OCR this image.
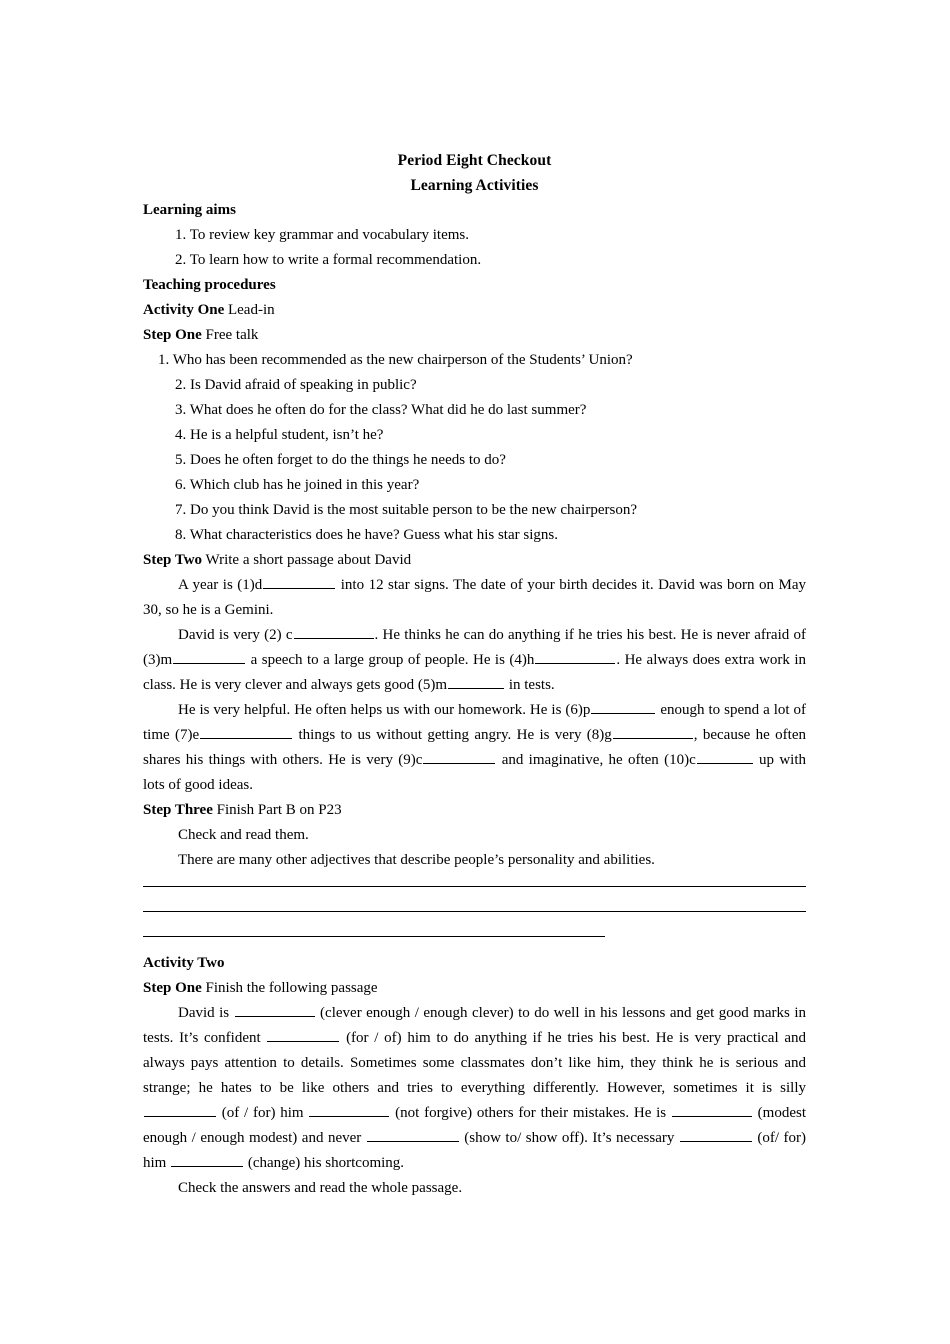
Period Eight Checkout
Learning Activities
Learning aims
1. To review key grammar and vocabulary items.
2. To learn how to write a formal recommendation.
Teaching procedures
Activity One Lead-in
Step One Free talk
1. Who has been recommended as the new chairperson of the Students’ Union?
2. Is David afraid of speaking in public?
3. What does he often do for the class? What did he do last summer?
4. He is a helpful student, isn’t he?
5. Does he often forget to do the things he needs to do?
6. Which club has he joined in this year?
7. Do you think David is the most suitable person to be the new chairperson?
8. What characteristics does he have? Guess what his star signs.
Step Two Write a short passage about David

A year is (1)d	into 12 star signs. The date of your birth decides it. David was born on May 30, so he is a Gemini.

David is very (2) c	. He thinks he can do anything if he tries his best. He is never afraid of (3)m	a speech to a large group of people. He is (4)h	. He always does extra work in class. He is very clever and always gets good (5)m	in tests.

He is very helpful. He often helps us with our homework. He is (6)p	enough to spend a lot of time (7)e	things to us without getting angry. He is very (8)g	, because he often shares his things with others. He is very (9)c	and imaginative, he often (10)c	up with lots of good ideas.

Step Three Finish Part B on P23
Check and read them.
There are many other adjectives that describe people’s personality and abilities.
Activity Two
Step One Finish the following passage

David is	(clever enough / enough clever) to do well in his lessons and get good marks in tests. It’s confident	(for / of) him to do anything if he tries his best. He is very practical and always pays attention to details. Sometimes some classmates don’t like him, they think he is serious and strange; he hates to be like others and tries to everything differently. However, sometimes it is silly  (of / for) him	(not forgive) others for their mistakes. He is	(modest enough / enough modest) and never	(show to/ show off). It’s necessary	(of/ for) him	(change) his shortcoming.

Check the answers and read the whole passage.
